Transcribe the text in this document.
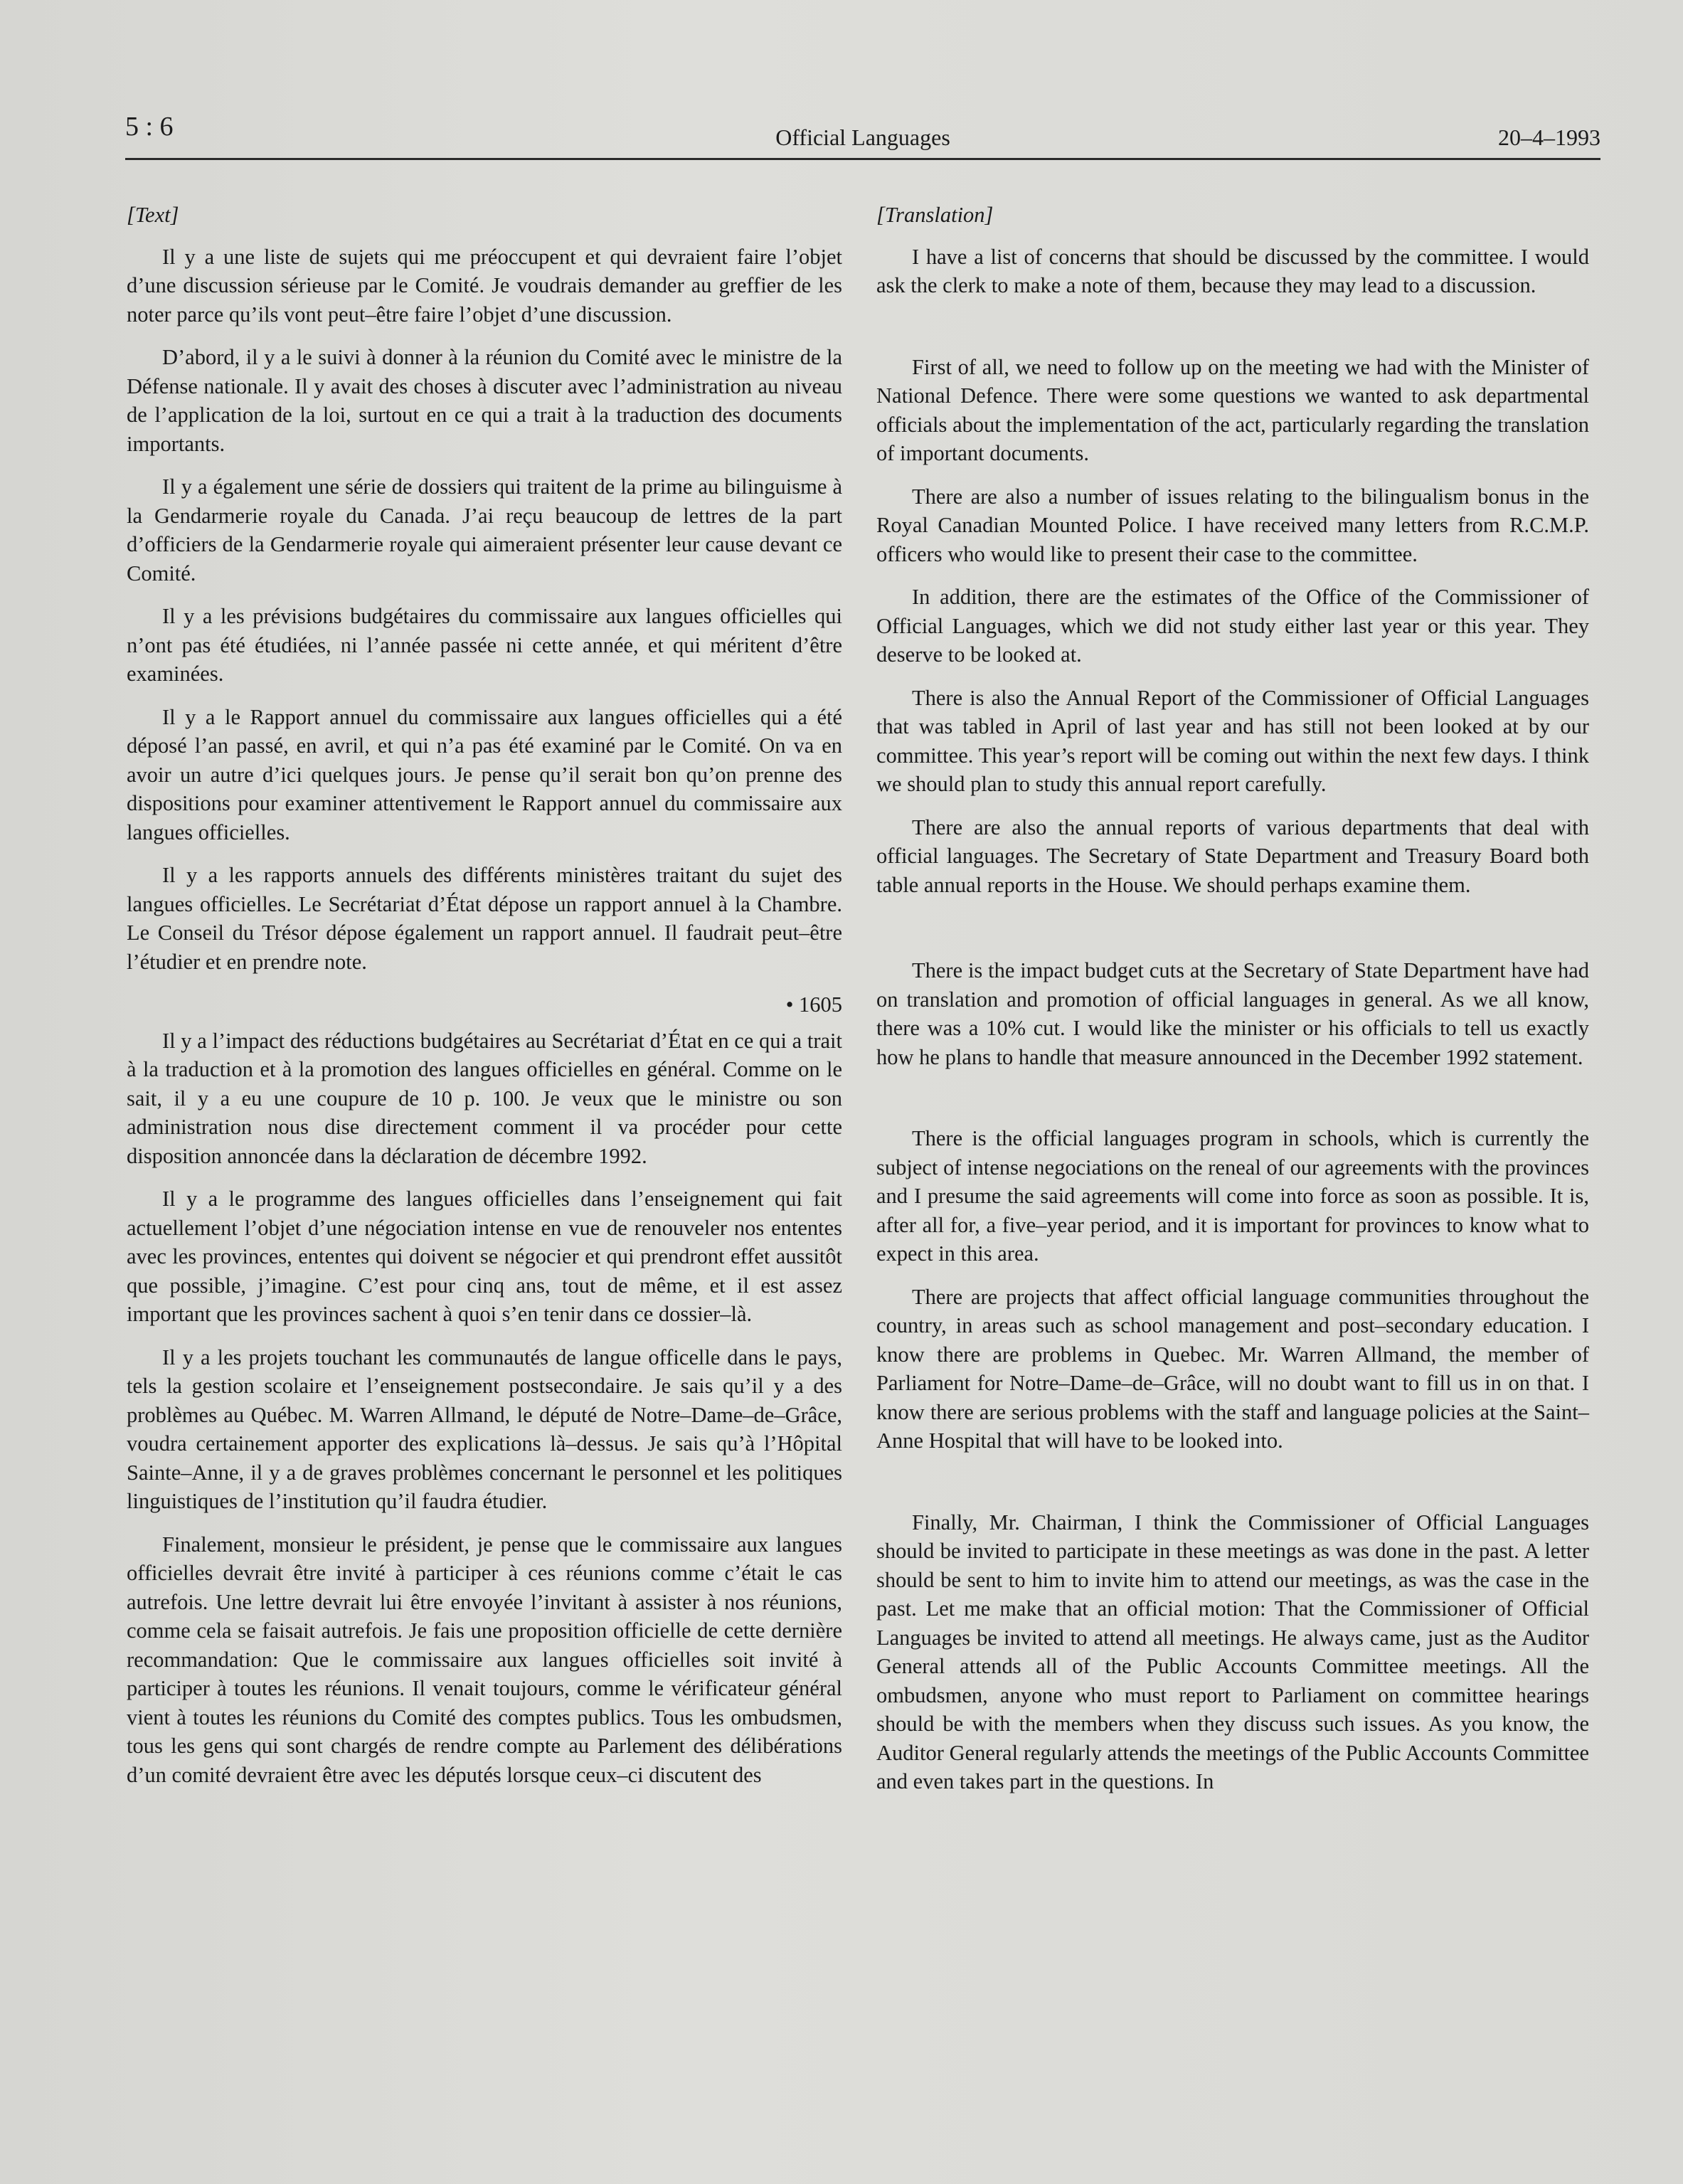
5 : 6	Official Languages	20–4–1993
[Text]

Il y a une liste de sujets qui me préoccupent et qui devraient faire l’objet d’une discussion sérieuse par le Comité. Je voudrais demander au greffier de les noter parce qu’ils vont peut–être faire l’objet d’une discussion.

D’abord, il y a le suivi à donner à la réunion du Comité avec le ministre de la Défense nationale. Il y avait des choses à discuter avec l’administration au niveau de l’application de la loi, surtout en ce qui a trait à la traduction des documents importants.

Il y a également une série de dossiers qui traitent de la prime au bilinguisme à la Gendarmerie royale du Canada. J’ai reçu beaucoup de lettres de la part d’officiers de la Gendarmerie royale qui aimeraient présenter leur cause devant ce Comité.

Il y a les prévisions budgétaires du commissaire aux langues officielles qui n’ont pas été étudiées, ni l’année passée ni cette année, et qui méritent d’être examinées.

Il y a le Rapport annuel du commissaire aux langues officielles qui a été déposé l’an passé, en avril, et qui n’a pas été examiné par le Comité. On va en avoir un autre d’ici quelques jours. Je pense qu’il serait bon qu’on prenne des dispositions pour examiner attentivement le Rapport annuel du commissaire aux langues officielles.

Il y a les rapports annuels des différents ministères traitant du sujet des langues officielles. Le Secrétariat d’État dépose un rapport annuel à la Chambre. Le Conseil du Trésor dépose également un rapport annuel. Il faudrait peut–être l’étudier et en prendre note.

• 1605

Il y a l’impact des réductions budgétaires au Secrétariat d’État en ce qui a trait à la traduction et à la promotion des langues officielles en général. Comme on le sait, il y a eu une coupure de 10 p. 100. Je veux que le ministre ou son administration nous dise directement comment il va procéder pour cette disposition annoncée dans la déclaration de décembre 1992.

Il y a le programme des langues officielles dans l’enseignement qui fait actuellement l’objet d’une négociation intense en vue de renouveler nos ententes avec les provinces, ententes qui doivent se négocier et qui prendront effet aussitôt que possible, j’imagine. C’est pour cinq ans, tout de même, et il est assez important que les provinces sachent à quoi s’en tenir dans ce dossier–là.

Il y a les projets touchant les communautés de langue officelle dans le pays, tels la gestion scolaire et l’enseignement postsecondaire. Je sais qu’il y a des problèmes au Québec. M. Warren Allmand, le député de Notre–Dame–de–Grâce, voudra certainement apporter des explications là–dessus. Je sais qu’à l’Hôpital Sainte–Anne, il y a de graves problèmes concernant le personnel et les politiques linguistiques de l’institution qu’il faudra étudier.

Finalement, monsieur le président, je pense que le commissaire aux langues officielles devrait être invité à participer à ces réunions comme c’était le cas autrefois. Une lettre devrait lui être envoyée l’invitant à assister à nos réunions, comme cela se faisait autrefois. Je fais une proposition officielle de cette dernière recommandation: Que le commissaire aux langues officielles soit invité à participer à toutes les réunions. Il venait toujours, comme le vérificateur général vient à toutes les réunions du Comité des comptes publics. Tous les ombudsmen, tous les gens qui sont chargés de rendre compte au Parlement des délibérations d’un comité devraient être avec les députés lorsque ceux–ci discutent des

[Translation]

I have a list of concerns that should be discussed by the committee. I would ask the clerk to make a note of them, because they may lead to a discussion.

First of all, we need to follow up on the meeting we had with the Minister of National Defence. There were some questions we wanted to ask departmental officials about the implementation of the act, particularly regarding the translation of important documents.

There are also a number of issues relating to the bilingualism bonus in the Royal Canadian Mounted Police. I have received many letters from R.C.M.P. officers who would like to present their case to the committee.

In addition, there are the estimates of the Office of the Commissioner of Official Languages, which we did not study either last year or this year. They deserve to be looked at.

There is also the Annual Report of the Commissioner of Official Languages that was tabled in April of last year and has still not been looked at by our committee. This year’s report will be coming out within the next few days. I think we should plan to study this annual report carefully.

There are also the annual reports of various departments that deal with official languages. The Secretary of State Department and Treasury Board both table annual reports in the House. We should perhaps examine them.

There is the impact budget cuts at the Secretary of State Department have had on translation and promotion of official languages in general. As we all know, there was a 10% cut. I would like the minister or his officials to tell us exactly how he plans to handle that measure announced in the December 1992 statement.

There is the official languages program in schools, which is currently the subject of intense negociations on the reneal of our agreements with the provinces and I presume the said agreements will come into force as soon as possible. It is, after all for, a five–year period, and it is important for provinces to know what to expect in this area.

There are projects that affect official language communities throughout the country, in areas such as school management and post–secondary education. I know there are problems in Quebec. Mr. Warren Allmand, the member of Parliament for Notre–Dame–de–Grâce, will no doubt want to fill us in on that. I know there are serious problems with the staff and language policies at the Saint–Anne Hospital that will have to be looked into.

Finally, Mr. Chairman, I think the Commissioner of Official Languages should be invited to participate in these meetings as was done in the past. A letter should be sent to him to invite him to attend our meetings, as was the case in the past. Let me make that an official motion: That the Commissioner of Official Languages be invited to attend all meetings. He always came, just as the Auditor General attends all of the Public Accounts Committee meetings. All the ombudsmen, anyone who must report to Parliament on committee hearings should be with the members when they discuss such issues. As you know, the Auditor General regularly attends the meetings of the Public Accounts Committee and even takes part in the questions. In
